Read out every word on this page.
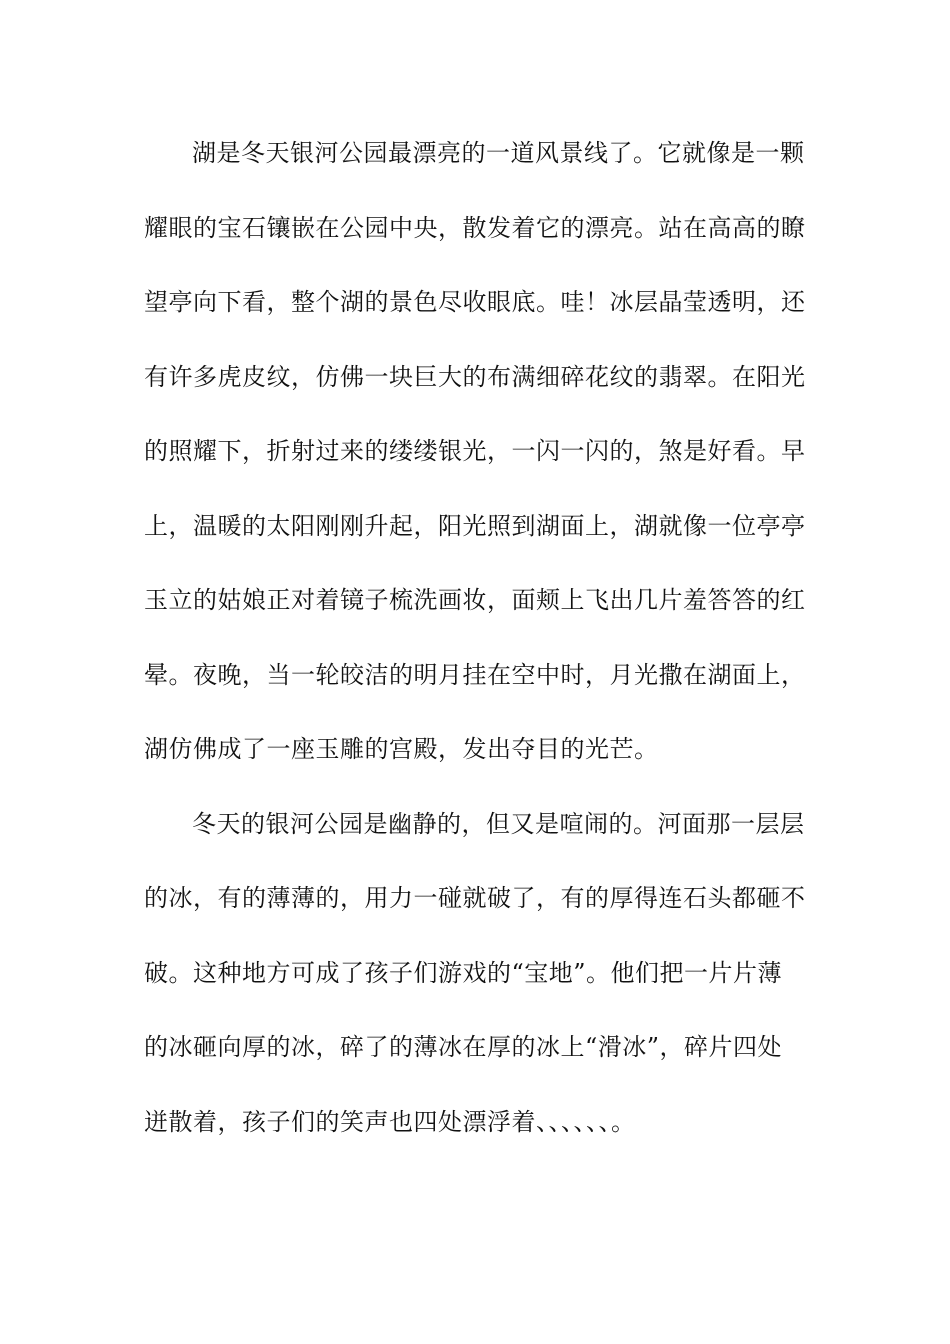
湖是冬天银河公园最漂亮的一道风景线了。它就像是一颗
耀眼的宝石镶嵌在公园中央，散发着它的漂亮。站在高高的瞭
望亭向下看，整个湖的景色尽收眼底。哇！冰层晶莹透明，还
有许多虎皮纹，仿佛一块巨大的布满细碎花纹的翡翠。在阳光
的照耀下，折射过来的缕缕银光，一闪一闪的，煞是好看。早
上，温暖的太阳刚刚升起，阳光照到湖面上，湖就像一位亭亭
玉立的姑娘正对着镜子梳洗画妆，面颊上飞出几片羞答答的红
晕。夜晚，当一轮皎洁的明月挂在空中时，月光撒在湖面上，
湖仿佛成了一座玉雕的宫殿，发出夺目的光芒。
冬天的银河公园是幽静的，但又是喧闹的。河面那一层层
的冰，有的薄薄的，用力一碰就破了，有的厚得连石头都砸不
破。这种地方可成了孩子们游戏的“宝地”。他们把一片片薄
的冰砸向厚的冰，碎了的薄冰在厚的冰上“滑冰”，碎片四处
迸散着，孩子们的笑声也四处漂浮着、、、、、、。
